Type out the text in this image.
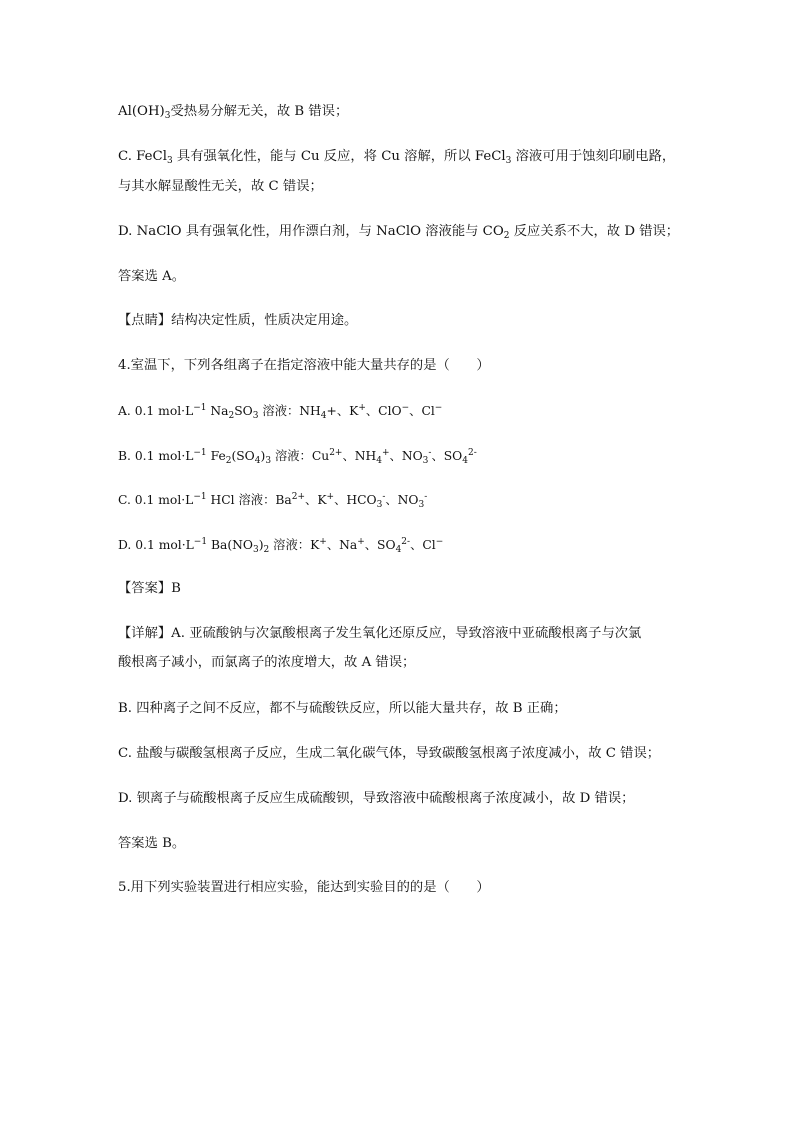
$Al(OH)_3$受热易分解无关，故 B 错误；
C. FeCl$_3$ 具有强氧化性，能与 Cu 反应，将 Cu 溶解，所以 FeCl$_3$ 溶液可用于蚀刻印刷电路，
与其水解显酸性无关，故 C 错误；
D. NaClO 具有强氧化性，用作漂白剂，与 NaClO 溶液能与 $CO_2$ 反应关系不大，故 D 错误；
答案选 A。
【点睛】结构决定性质，性质决定用途。
4.室温下，下列各组离子在指定溶液中能大量共存的是（　　）
A. 0.1 $mol\cdot L^{-1}$ $Na_2SO_3$ 溶液：$NH_4+$、K+、ClO−、Cl−
B. 0.1 $mol\cdot L^{-1}$ $Fe_2(SO_4)_3$ 溶液：$Cu^{2+}$、$NH_4^+$、$NO_3^-$、$SO_4^{2-}$
C. 0.1 $mol\cdot L^{-1}$ HCl 溶液：$Ba^{2+}$、K+、$HCO_3^-$、$NO_3^-$
D. 0.1 $mol\cdot L^{-1}$ $Ba(NO_3)_2$ 溶液：K+、Na+、$SO_4^{2-}$、Cl−
【答案】B
【详解】A. 亚硫酸钠与次氯酸根离子发生氧化还原反应，导致溶液中亚硫酸根离子与次氯
酸根离子减小，而氯离子的浓度增大，故 A 错误；
B. 四种离子之间不反应，都不与硫酸铁反应，所以能大量共存，故 B 正确；
C. 盐酸与碳酸氢根离子反应，生成二氧化碳气体，导致碳酸氢根离子浓度减小，故 C 错误；
D. 钡离子与硫酸根离子反应生成硫酸钡，导致溶液中硫酸根离子浓度减小，故 D 错误；
答案选 B。
5.用下列实验装置进行相应实验，能达到实验目的的是（　　）
